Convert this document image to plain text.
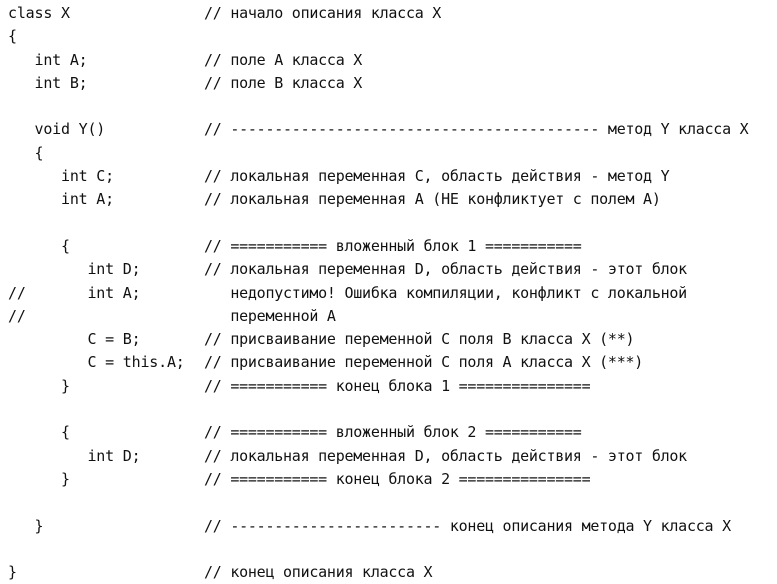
class X	// начало описания класса X
{
int A;	// поле A класса X
int B;	// поле B класса X
void Y()	// ------------------------------------------ метод Y класса X
{
int C;	// локальная переменная C, область действия - метод Y
int A;	// локальная переменная A (НЕ конфликтует с полем A)
{	// =========== вложенный блок 1 ===========
int D;	// локальная переменная D, область действия - этот блок
//       int A;	недопустимо! Ошибка компиляции, конфликт с локальной
//	переменной A
C = B;	// присваивание переменной C поля B класса X (**)
C = this.A; // присваивание переменной C поля A класса X (***)
}	// =========== конец блока 1 ===============
{	// =========== вложенный блок 2 ===========
int D;	// локальная переменная D, область действия - этот блок
}	// =========== конец блока 2 ===============
}	// ------------------------ конец описания метода Y класса X
}	// конец описания класса X
